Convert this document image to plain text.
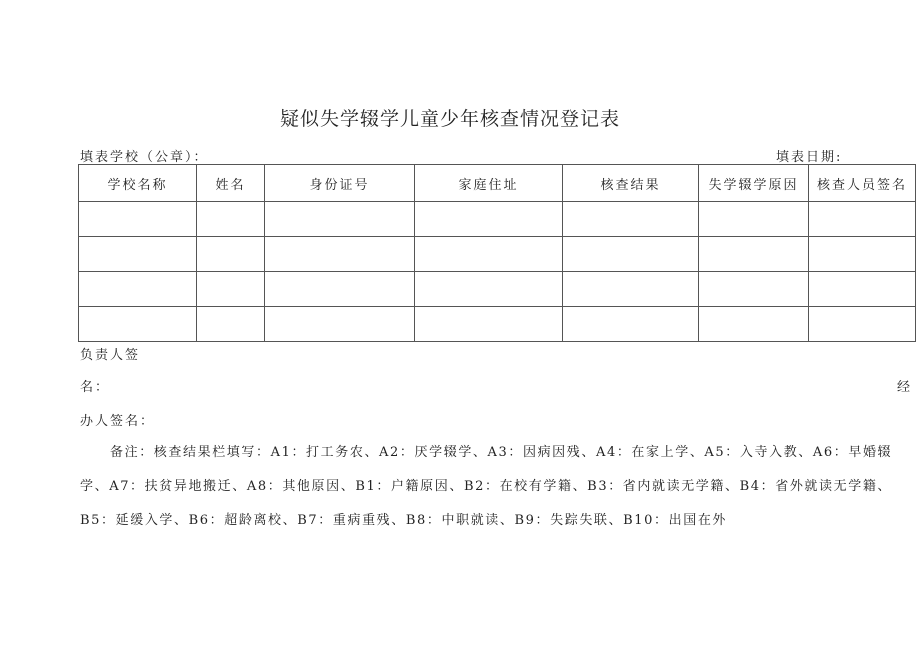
疑似失学辍学儿童少年核查情况登记表
填表学校（公章）：	填表日期:
学校名称	姓名	身份证号	家庭住址	核查结果	失学辍学原因	核查人员签名

负责人签
名：	经
办人签名：
备注：核查结果栏填写：A1：打工务农、A2：厌学辍学、A3：因病因残、A4：在家上学、A5：入寺入教、A6：早婚辍学、A7：扶贫异地搬迁、A8：其他原因、B1：户籍原因、B2：在校有学籍、B3：省内就读无学籍、B4：省外就读无学籍、B5：延缓入学、B6：超龄离校、B7：重病重残、B8：中职就读、B9：失踪失联、B10：出国在外
